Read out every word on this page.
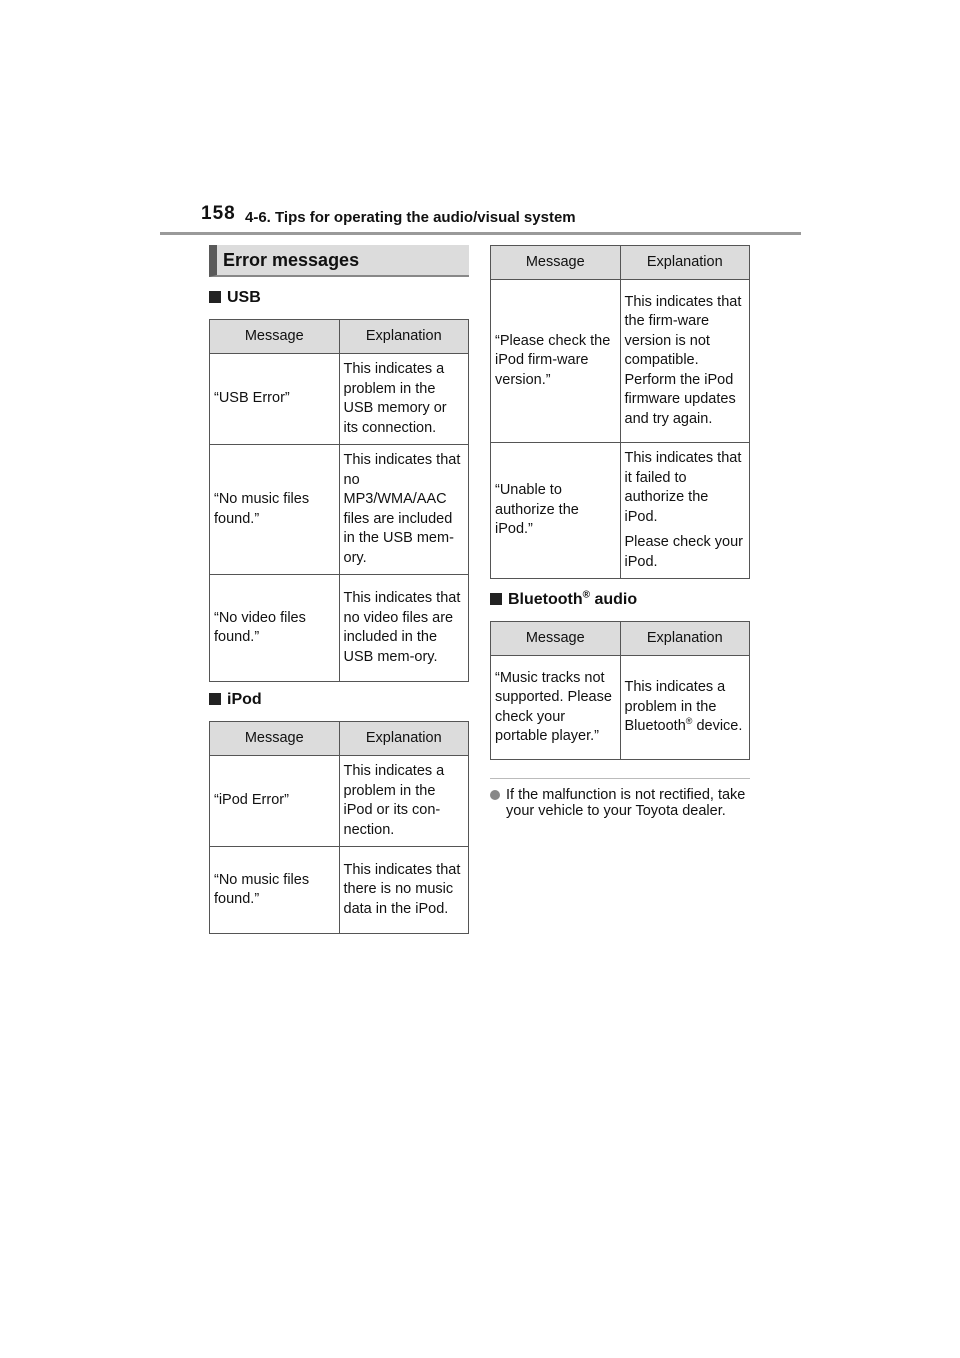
158 4-6. Tips for operating the audio/visual system
Error messages
USB
Message	Explanation
“USB Error”	This indicates a problem in the USB memory or its connection.

“No music files found.”	This indicates that no MP3/WMA/AAC files are included in the USB mem-ory.

“No video files found.”	This indicates that no video files are included in the USB mem-ory.

iPod
Message	Explanation
“iPod Error”	This indicates a problem in the iPod or its con-nection.

“No music files found.”	This indicates that there is no music data in the iPod.

Message	Explanation
“Please check the iPod firm-ware version.”	This indicates that the firm-ware version is not compatible. Perform the iPod firmware updates and try again.

“Unable to authorize the iPod.”	This indicates that it failed to authorize the iPod.

Please check your iPod.

Bluetooth® audio
Message	Explanation
“Music tracks not supported. Please check your portable player.”	This indicates a problem in the Bluetooth® device.

If the malfunction is not rectified, take your vehicle to your Toyota dealer.
